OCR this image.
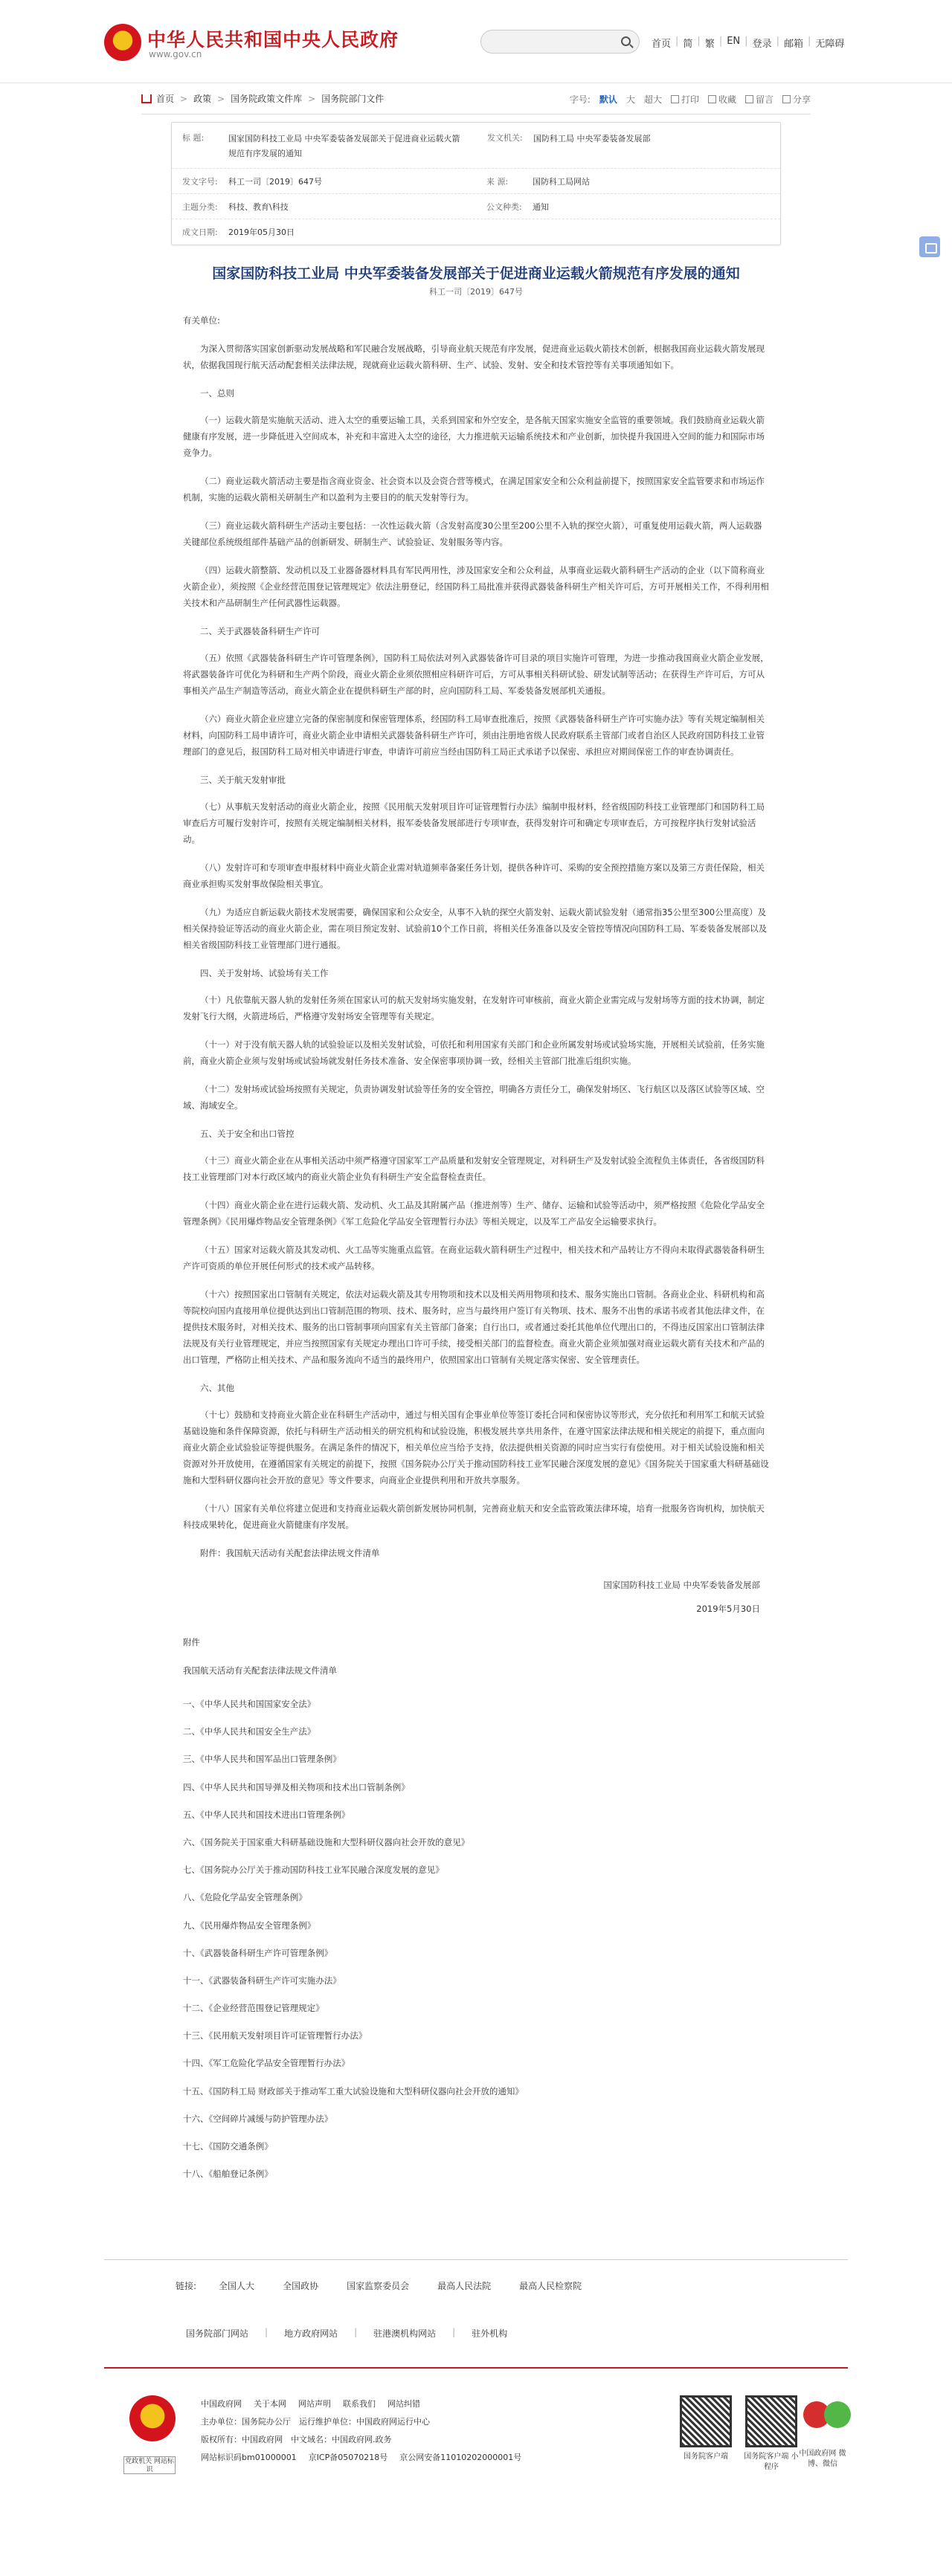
中华人民共和国中央人民政府
www.gov.cn
首页 | 简 | 繁 | EN | 登录 | 邮箱 | 无障碍
首页 > 政策 > 国务院政策文件库 > 国务院部门文件	字号: 默认 大 超大	打印	收藏	留言	分享
标 题:	国家国防科技工业局 中央军委装备发展部关于促进商业运载火箭规范有序发展的通知
发文机关:	国防科工局 中央军委装备发展部
发文字号:	科工一司〔2019〕647号	来 源:	国防科工局网站
主题分类:	科技、教育\科技	公文种类:	通知
成文日期:	2019年05月30日
国家国防科技工业局 中央军委装备发展部关于促进商业运载火箭规范有序发展的通知
科工一司〔2019〕647号

有关单位:

为深入贯彻落实国家创新驱动发展战略和军民融合发展战略，引导商业航天规范有序发展，促进商业运载火箭技术创新，根据我国商业运载火箭发展现状，依据我国现行航天活动配套相关法律法规，现就商业运载火箭科研、生产、试验、发射、安全和技术管控等有关事项通知如下。

一、总则

（一）运载火箭是实施航天活动、进入太空的重要运输工具，关系到国家和外空安全，是各航天国家实施安全监管的重要领域。我们鼓励商业运载火箭健康有序发展，进一步降低进入空间成本，补充和丰富进入太空的途径，大力推进航天运输系统技术和产业创新，加快提升我国进入空间的能力和国际市场竞争力。

（二）商业运载火箭活动主要是指含商业资金、社会资本以及会资合营等模式，在满足国家安全和公众利益前提下，按照国家安全监管要求和市场运作机制，实施的运载火箭相关研制生产和以盈利为主要目的的航天发射等行为。

（三）商业运载火箭科研生产活动主要包括：一次性运载火箭（含发射高度30公里至200公里不入轨的探空火箭），可重复使用运载火箭，两人运载器关键部位系统级组部件基础产品的创新研发、研制生产、试验验证、发射服务等内容。

（四）运载火箭整箭、发动机以及工业器备器材料具有军民两用性，涉及国家安全和公众利益，从事商业运载火箭科研生产活动的企业（以下简称商业火箭企业），须按照《企业经营范围登记管理规定》依法注册登记，经国防科工局批准并获得武器装备科研生产相关许可后，方可开展相关工作，不得利用相关技术和产品研制生产任何武器性运载器。

二、关于武器装备科研生产许可

（五）依照《武器装备科研生产许可管理条例》，国防科工局依法对列入武器装备许可目录的项目实施许可管理，为进一步推动我国商业火箭企业发展，将武器装备许可优化为科研和生产两个阶段，商业火箭企业须依照相应科研许可后，方可从事相关科研试验、研发试制等活动；在获得生产许可后，方可从事相关产品生产制造等活动，商业火箭企业在提供科研生产部的时，应向国防科工局、军委装备发展部机关通报。

（六）商业火箭企业应建立完备的保密制度和保密管理体系，经国防科工局审查批准后，按照《武器装备科研生产许可实施办法》等有关规定编制相关材料，向国防科工局申请许可，商业火箭企业申请相关武器装备科研生产许可，须由注册地省级人民政府联系主管部门或者自治区人民政府国防科技工业管理部门的意见后，报国防科工局对相关申请进行审查，申请许可前应当经由国防科工局正式承诺予以保密、承担应对期间保密工作的审查协调责任。

三、关于航天发射审批

（七）从事航天发射活动的商业火箭企业，按照《民用航天发射项目许可证管理暂行办法》编制申报材料，经省级国防科技工业管理部门和国防科工局审查后方可履行发射许可，按照有关规定编制相关材料，报军委装备发展部进行专项审查，获得发射许可和确定专项审查后，方可按程序执行发射试验活动。

（八）发射许可和专项审查申报材料中商业火箭企业需对轨道频率备案任务计划，提供各种许可、采购的安全预控措施方案以及第三方责任保险，相关商业承担购买发射事故保险相关事宜。

（九）为适应自新运载火箭技术发展需要，确保国家和公众安全，从事不入轨的探空火箭发射、运载火箭试验发射（通常指35公里至300公里高度）及相关保持验证等活动的商业火箭企业，需在项目预定发射、试验前10个工作日前，将相关任务准备以及安全管控等情况向国防科工局、军委装备发展部以及相关省级国防科技工业管理部门进行通报。

四、关于发射场、试验场有关工作

（十）凡依靠航天器人轨的发射任务须在国家认可的航天发射场实施发射，在发射许可审核前，商业火箭企业需完成与发射场等方面的技术协调，制定发射飞行大纲，火箭进场后，严格遵守发射场安全管理等有关规定。

（十一）对于没有航天器人轨的试验验证以及相关发射试验，可依托和利用国家有关部门和企业所属发射场或试验场实施，开展相关试验前，任务实施前，商业火箭企业须与发射场或试验场就发射任务技术准备、安全保密事项协调一致，经相关主管部门批准后组织实施。

（十二）发射场或试验场按照有关规定，负责协调发射试验等任务的安全管控，明确各方责任分工，确保发射场区、飞行航区以及落区试验等区域、空域、海域安全。

五、关于安全和出口管控

（十三）商业火箭企业在从事相关活动中须严格遵守国家军工产品质量和发射安全管理规定，对科研生产及发射试验全流程负主体责任，各省级国防科技工业管理部门对本行政区域内的商业火箭企业负有科研生产安全监督检查责任。

（十四）商业火箭企业在进行运载火箭、发动机、火工品及其附属产品（推进剂等）生产、储存、运输和试验等活动中，须严格按照《危险化学品安全管理条例》《民用爆炸物品安全管理条例》《军工危险化学品安全管理暂行办法》等相关规定，以及军工产品安全运输要求执行。

（十五）国家对运载火箭及其发动机、火工品等实施重点监管。在商业运载火箭科研生产过程中，相关技术和产品转让方不得向未取得武器装备科研生产许可资质的单位开展任何形式的技术或产品转移。

（十六）按照国家出口管制有关规定，依法对运载火箭及其专用物项和技术以及相关两用物项和技术、服务实施出口管制。各商业企业、科研机构和高等院校向国内直接用单位提供达到出口管制范围的物项、技术、服务时，应当与最终用户签订有关物项、技术、服务不出售的承诺书或者其他法律文件，在提供技术服务时，对相关技术、服务的出口管制事项向国家有关主管部门备案；自行出口，或者通过委托其他单位代理出口的，不得违反国家出口管制法律法规及有关行业管理规定，并应当按照国家有关规定办理出口许可手续，接受相关部门的监督检查。商业火箭企业须加强对商业运载火箭有关技术和产品的出口管理，严格防止相关技术、产品和服务流向不适当的最终用户，依照国家出口管制有关规定落实保密、安全管理责任。

六、其他

（十七）鼓励和支持商业火箭企业在科研生产活动中，通过与相关国有企事业单位等签订委托合同和保密协议等形式，充分依托和利用军工和航天试验基础设施和条件保障资源，依托与科研生产活动相关的研究机构和试验设施，积极发展共享共用条件，在遵守国家法律法规和相关规定的前提下，重点面向商业火箭企业试验验证等提供服务。在满足条件的情况下，相关单位应当给予支持，依法提供相关资源的同时应当实行有偿使用。对于相关试验设施和相关资源对外开放使用，在遵循国家有关规定的前提下，按照《国务院办公厅关于推动国防科技工业军民融合深度发展的意见》《国务院关于国家重大科研基础设施和大型科研仪器向社会开放的意见》等文件要求，向商业企业提供利用和开放共享服务。

（十八）国家有关单位将建立促进和支持商业运载火箭创新发展协同机制，完善商业航天和安全监管政策法律环境，培育一批服务咨询机构，加快航天科技成果转化，促进商业火箭健康有序发展。

附件：我国航天活动有关配套法律法规文件清单

国家国防科技工业局 中央军委装备发展部
2019年5月30日

附件

我国航天活动有关配套法律法规文件清单

一、《中华人民共和国国家安全法》
二、《中华人民共和国安全生产法》
三、《中华人民共和国军品出口管理条例》
四、《中华人民共和国导弹及相关物项和技术出口管制条例》
五、《中华人民共和国技术进出口管理条例》
六、《国务院关于国家重大科研基础设施和大型科研仪器向社会开放的意见》
七、《国务院办公厅关于推动国防科技工业军民融合深度发展的意见》
八、《危险化学品安全管理条例》
九、《民用爆炸物品安全管理条例》
十、《武器装备科研生产许可管理条例》
十一、《武器装备科研生产许可实施办法》
十二、《企业经营范围登记管理规定》
十三、《民用航天发射项目许可证管理暂行办法》
十四、《军工危险化学品安全管理暂行办法》
十五、《国防科工局 财政部关于推动军工重大试验设施和大型科研仪器向社会开放的通知》
十六、《空间碎片减缓与防护管理办法》
十七、《国防交通条例》
十八、《船舶登记条例》
链接:	全国人大	全国政协	国家监察委员会	最高人民法院	最高人民检察院
国务院部门网站 | 地方政府网站 | 驻港澳机构网站 | 驻外机构
党政机关 网站标识
中国政府网 关于本网 网站声明 联系我们 网站纠错
主办单位：国务院办公厅　运行维护单位：中国政府网运行中心
版权所有：中国政府网　中文域名：中国政府网.政务
网站标识码bm01000001 京ICP备05070218号 京公网安备11010202000001号	国务院客户端	国务院客户端 小程序
中国政府网 微博、微信
